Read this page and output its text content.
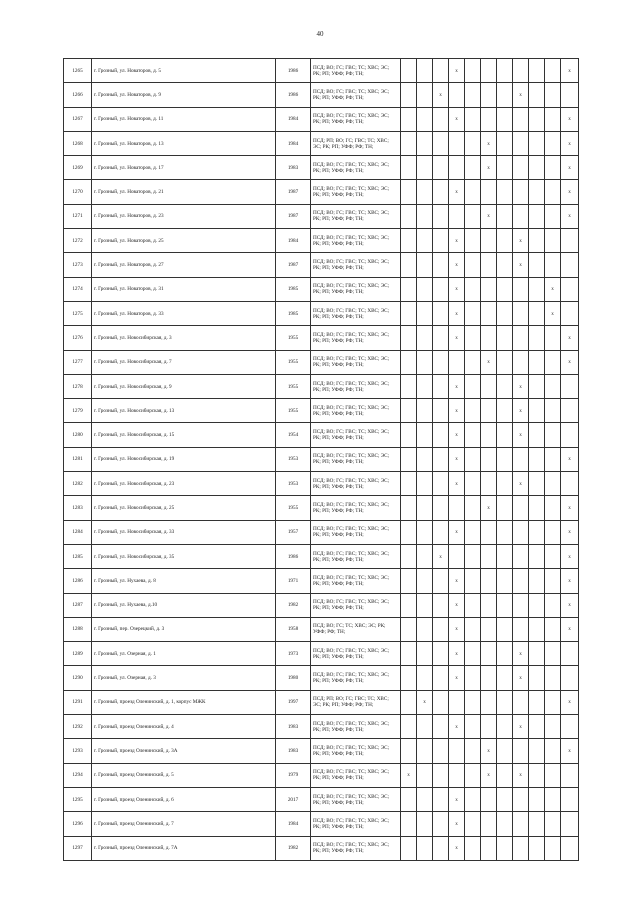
40
1265	г. Грозный, ул. Новаторов, д. 5	1986	ПСД; ВО; ГС; ГВС; ТС; ХВС; ЭС; РК; РП; УФФ; РФ; ТН;				x							x
1266	г. Грозный, ул. Новаторов, д. 9	1986	ПСД; ВО; ГС; ГВС; ТС; ХВС; ЭС; РК; РП; УФФ; РФ; ТН;			x					x			
1267	г. Грозный, ул. Новаторов, д. 11	1984	ПСД; ВО; ГС; ГВС; ТС; ХВС; ЭС; РК; РП; УФФ; РФ; ТН;				x							x
1268	г. Грозный, ул. Новаторов, д. 13	1984	ПСД; РП; ВО; ГС; ГВС; ТС; ХВС; ЭС; РК; РП; УФФ; РФ; ТН;						x					x
1269	г. Грозный, ул. Новаторов, д. 17	1983	ПСД; ВО; ГС; ГВС; ТС; ХВС; ЭС; РК; РП; УФФ; РФ; ТН;						x					x
1270	г. Грозный, ул. Новаторов, д. 21	1987	ПСД; ВО; ГС; ГВС; ТС; ХВС; ЭС; РК; РП; УФФ; РФ; ТН;				x							x
1271	г. Грозный, ул. Новаторов, д. 23	1987	ПСД; ВО; ГС; ГВС; ТС; ХВС; ЭС; РК; РП; УФФ; РФ; ТН;						x					x
1272	г. Грозный, ул. Новаторов, д. 25	1984	ПСД; ВО; ГС; ГВС; ТС; ХВС; ЭС; РК; РП; УФФ; РФ; ТН;				x				x			
1273	г. Грозный, ул. Новаторов, д. 27	1987	ПСД; ВО; ГС; ГВС; ТС; ХВС; ЭС; РК; РП; УФФ; РФ; ТН;				x				x			
1274	г. Грозный, ул. Новаторов, д. 31	1985	ПСД; ВО; ГС; ГВС; ТС; ХВС; ЭС; РК; РП; УФФ; РФ; ТН;				x						x	
1275	г. Грозный, ул. Новаторов, д. 33	1985	ПСД; ВО; ГС; ГВС; ТС; ХВС; ЭС; РК; РП; УФФ; РФ; ТН;				x						x	
1276	г. Грозный, ул. Новосибирская, д. 3	1955	ПСД; ВО; ГС; ГВС; ТС; ХВС; ЭС; РК; РП; УФФ; РФ; ТН;				x							x
1277	г. Грозный, ул. Новосибирская, д. 7	1955	ПСД; ВО; ГС; ГВС; ТС; ХВС; ЭС; РК; РП; УФФ; РФ; ТН;						x					x
1278	г. Грозный, ул. Новосибирская, д. 9	1955	ПСД; ВО; ГС; ГВС; ТС; ХВС; ЭС; РК; РП; УФФ; РФ; ТН;				x				x			
1279	г. Грозный, ул. Новосибирская, д. 13	1955	ПСД; ВО; ГС; ГВС; ТС; ХВС; ЭС; РК; РП; УФФ; РФ; ТН;				x				x			
1280	г. Грозный, ул. Новосибирская, д. 15	1954	ПСД; ВО; ГС; ГВС; ТС; ХВС; ЭС; РК; РП; УФФ; РФ; ТН;				x				x			
1281	г. Грозный, ул. Новосибирская, д. 19	1953	ПСД; ВО; ГС; ГВС; ТС; ХВС; ЭС; РК; РП; УФФ; РФ; ТН;				x							x
1282	г. Грозный, ул. Новосибирская, д. 23	1953	ПСД; ВО; ГС; ГВС; ТС; ХВС; ЭС; РК; РП; УФФ; РФ; ТН;				x				x			
1283	г. Грозный, ул. Новосибирская, д. 25	1955	ПСД; ВО; ГС; ГВС; ТС; ХВС; ЭС; РК; РП; УФФ; РФ; ТН;						x					x
1284	г. Грозный, ул. Новосибирская, д. 33	1957	ПСД; ВО; ГС; ГВС; ТС; ХВС; ЭС; РК; РП; УФФ; РФ; ТН;				x							x
1285	г. Грозный, ул. Новосибирская, д. 35	1986	ПСД; ВО; ГС; ГВС; ТС; ХВС; ЭС; РК; РП; УФФ; РФ; ТН;			x								x
1286	г. Грозный, ул. Нухаева, д. 8	1971	ПСД; ВО; ГС; ГВС; ТС; ХВС; ЭС; РК; РП; УФФ; РФ; ТН;				x							x
1287	г. Грозный, ул. Нухаева, д.10	1982	ПСД; ВО; ГС; ГВС; ТС; ХВС; ЭС; РК; РП; УФФ; РФ; ТН;				x							x
1288	г. Грозный, пер. Озерецкий, д. 3	1958	ПСД; ВО; ГС; ТС; ХВС; ЭС; РК; УФФ; РФ; ТН;				x							x
1289	г. Грозный, ул. Озерная, д. 1	1973	ПСД; ВО; ГС; ГВС; ТС; ХВС; ЭС; РК; РП; УФФ; РФ; ТН;				x				x			
1290	г. Грозный, ул. Озерная, д. 3	1980	ПСД; ВО; ГС; ГВС; ТС; ХВС; ЭС; РК; РП; УФФ; РФ; ТН;				x				x			
1291	г. Грозный, проезд Оленинский, д. 1, корпус МЖК	1997	ПСД; РП; ВО; ГС; ГВС; ТС; ХВС; ЭС; РК; РП; УФФ; РФ; ТН;		x									x
1292	г. Грозный, проезд Оленинский, д. 4	1983	ПСД; ВО; ГС; ГВС; ТС; ХВС; ЭС; РК; РП; УФФ; РФ; ТН;				x				x			
1293	г. Грозный, проезд Оленинский, д. 3А	1983	ПСД; ВО; ГС; ГВС; ТС; ХВС; ЭС; РК; РП; УФФ; РФ; ТН;						x					x
1294	г. Грозный, проезд Оленинский, д. 5	1979	ПСД; ВО; ГС; ГВС; ТС; ХВС; ЭС; РК; РП; УФФ; РФ; ТН;	x					x		x			
1295	г. Грозный, проезд Оленинский, д. 6	2017	ПСД; ВО; ГС; ГВС; ТС; ХВС; ЭС; РК; РП; УФФ; РФ; ТН;				x							
1296	г. Грозный, проезд Оленинский, д. 7	1984	ПСД; ВО; ГС; ГВС; ТС; ХВС; ЭС; РК; РП; УФФ; РФ; ТН;				x							
1297	г. Грозный, проезд Оленинский, д. 7А	1982	ПСД; ВО; ГС; ГВС; ТС; ХВС; ЭС; РК; РП; УФФ; РФ; ТН;				x							
